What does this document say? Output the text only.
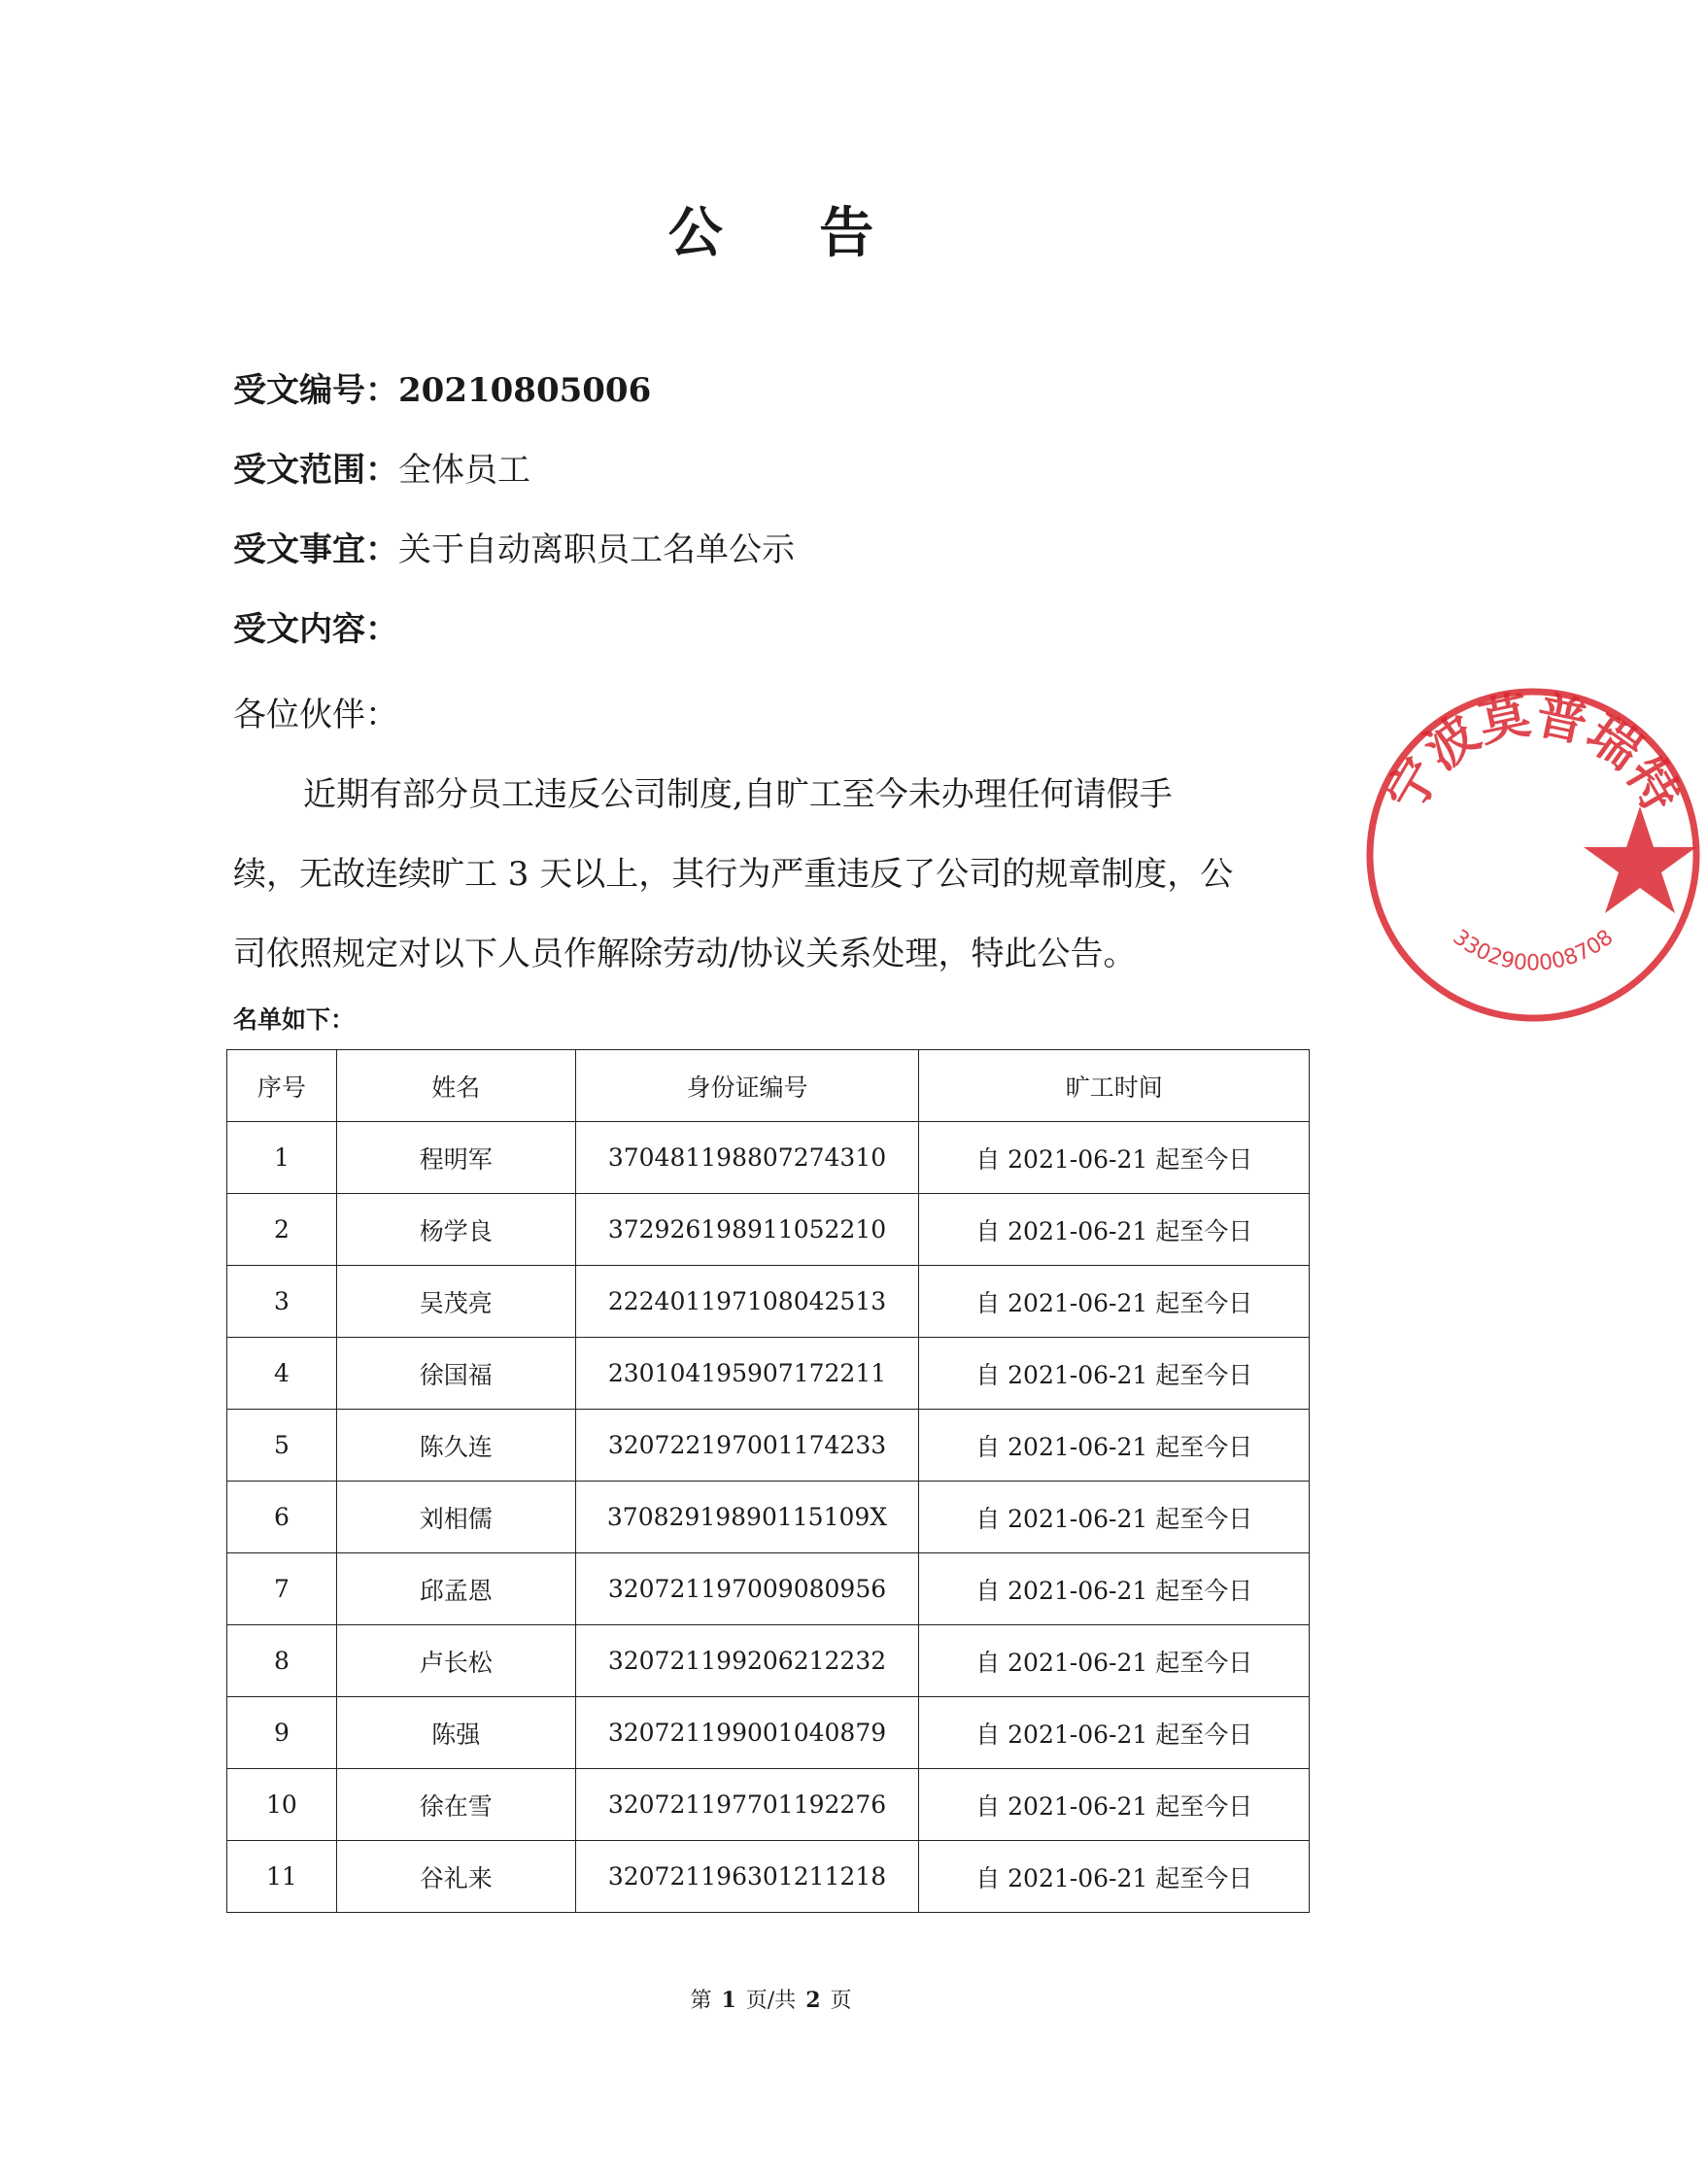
公 告
受文编号：20210805006
受文范围：全体员工
受文事宜：关于自动离职员工名单公示
受文内容：
各位伙伴：
近期有部分员工违反公司制度,自旷工至今未办理任何请假手
续，无故连续旷工 3 天以上，其行为严重违反了公司的规章制度，公
司依照规定对以下人员作解除劳动/协议关系处理，特此公告。
名单如下：
序号	姓名	身份证编号	旷工时间
1	程明军	370481198807274310	自 2021-06-21 起至今日
2	杨学良	372926198911052210	自 2021-06-21 起至今日
3	吴茂亮	222401197108042513	自 2021-06-21 起至今日
4	徐国福	230104195907172211	自 2021-06-21 起至今日
5	陈久连	320722197001174233	自 2021-06-21 起至今日
6	刘相儒	37082919890115109X	自 2021-06-21 起至今日
7	邱孟恩	320721197009080956	自 2021-06-21 起至今日
8	卢长松	320721199206212232	自 2021-06-21 起至今日
9	陈强	320721199001040879	自 2021-06-21 起至今日
10	徐在雪	320721197701192276	自 2021-06-21 起至今日
11	谷礼来	320721196301211218	自 2021-06-21 起至今日
第 1 页/共 2 页
宁波莫普瑞特
3302900008708
